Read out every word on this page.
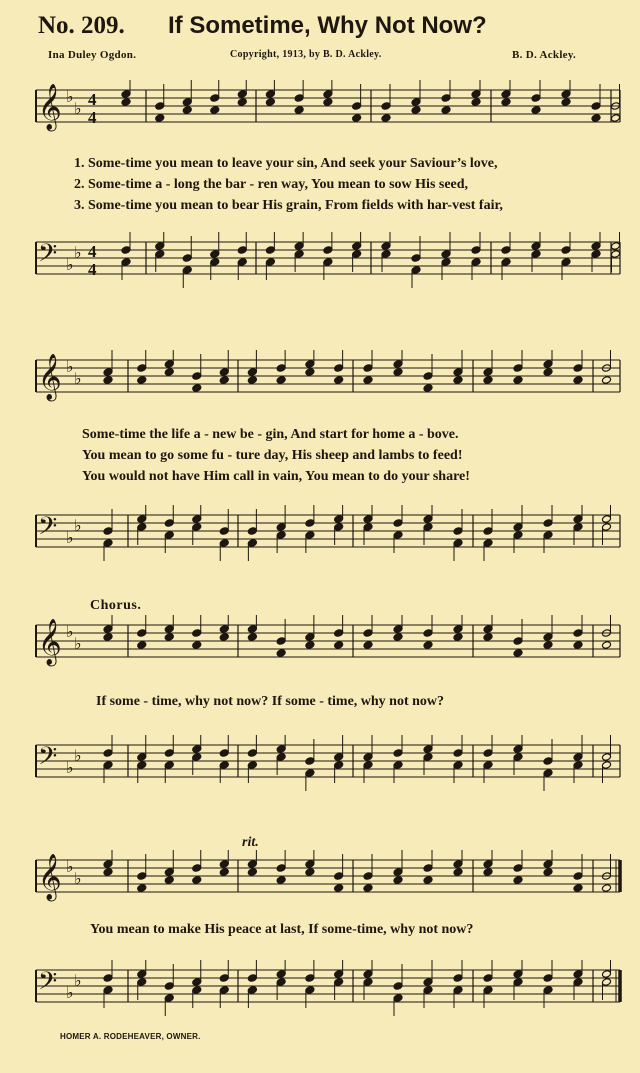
No. 209. If Sometime, Why Not Now?
Ina Duley Ogdon.	Copyright, 1913, by B. D. Ackley.	B. D. Ackley.
𝄞 ♭
♭ 4
4
1. Some-time you mean to leave your sin, And seek your Saviour’s love,
2. Some-time a - long the bar - ren way, You mean to sow His seed,
3. Some-time you mean to bear His grain, From fields with har-vest fair,
𝄢 ♭
♭ 4
4
𝄞 ♭
♭
Some-time the life a - new be - gin, And start for home a - bove.
You mean to go some fu - ture day, His sheep and lambs to feed!
You would not have Him call in vain, You mean to do your share!
𝄢 ♭
♭
Chorus.
𝄞 ♭
♭
If some - time, why not now? If some - time, why not now?
𝄢 ♭
♭
rit.
𝄞 ♭
♭
You mean to make His peace at last, If some-time, why not now?
𝄢 ♭
♭
HOMER A. RODEHEAVER, OWNER.
